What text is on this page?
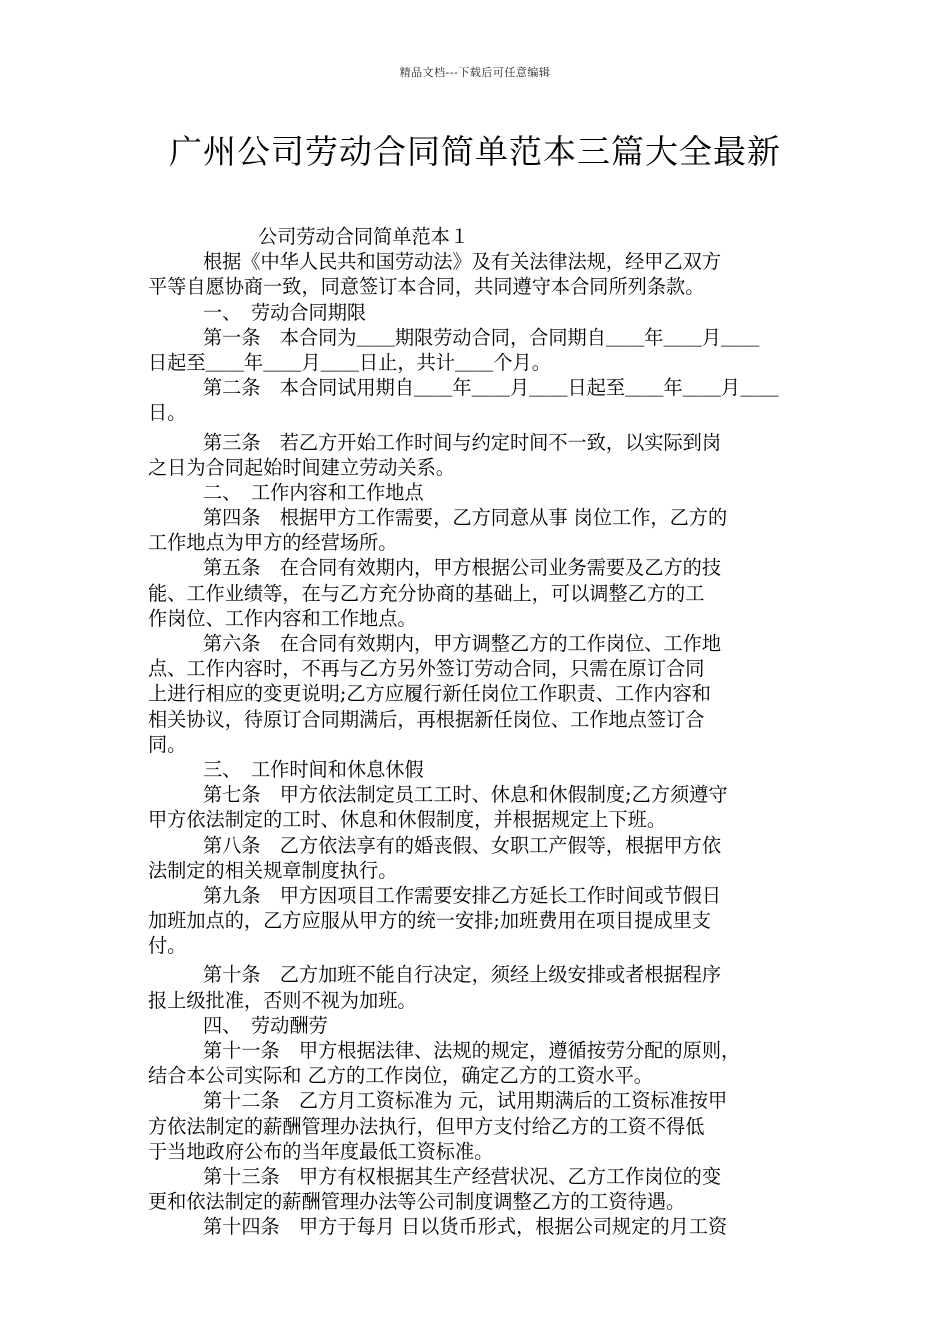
精品文档---下载后可任意编辑
广州公司劳动合同简单范本三篇大全最新
公司劳动合同简单范本１
根据《中华人民共和国劳动法》及有关法律法规，经甲乙双方
平等自愿协商一致，同意签订本合同，共同遵守本合同所列条款。
一、　劳动合同期限
第一条　本合同为＿＿期限劳动合同，合同期自＿＿年＿＿月＿＿
日起至＿＿年＿＿月＿＿日止，共计＿＿个月。
第二条　本合同试用期自＿＿年＿＿月＿＿日起至＿＿年＿＿月＿＿
日。
第三条　若乙方开始工作时间与约定时间不一致，以实际到岗
之日为合同起始时间建立劳动关系。
二、　工作内容和工作地点
第四条　根据甲方工作需要，乙方同意从事 岗位工作，乙方的
工作地点为甲方的经营场所。
第五条　在合同有效期内，甲方根据公司业务需要及乙方的技
能、工作业绩等，在与乙方充分协商的基础上，可以调整乙方的工
作岗位、工作内容和工作地点。
第六条　在合同有效期内，甲方调整乙方的工作岗位、工作地
点、工作内容时，不再与乙方另外签订劳动合同，只需在原订合同
上进行相应的变更说明;乙方应履行新任岗位工作职责、工作内容和
相关协议，待原订合同期满后，再根据新任岗位、工作地点签订合
同。
三、　工作时间和休息休假
第七条　甲方依法制定员工工时、休息和休假制度;乙方须遵守
甲方依法制定的工时、休息和休假制度，并根据规定上下班。
第八条　乙方依法享有的婚丧假、女职工产假等，根据甲方依
法制定的相关规章制度执行。
第九条　甲方因项目工作需要安排乙方延长工作时间或节假日
加班加点的，乙方应服从甲方的统一安排;加班费用在项目提成里支
付。
第十条　乙方加班不能自行决定，须经上级安排或者根据程序
报上级批准，否则不视为加班。
四、　劳动酬劳
第十一条　甲方根据法律、法规的规定，遵循按劳分配的原则，
结合本公司实际和 乙方的工作岗位，确定乙方的工资水平。
第十二条　乙方月工资标准为 元，试用期满后的工资标准按甲
方依法制定的薪酬管理办法执行，但甲方支付给乙方的工资不得低
于当地政府公布的当年度最低工资标准。
第十三条　甲方有权根据其生产经营状况、乙方工作岗位的变
更和依法制定的薪酬管理办法等公司制度调整乙方的工资待遇。
第十四条　甲方于每月 日以货币形式，根据公司规定的月工资
